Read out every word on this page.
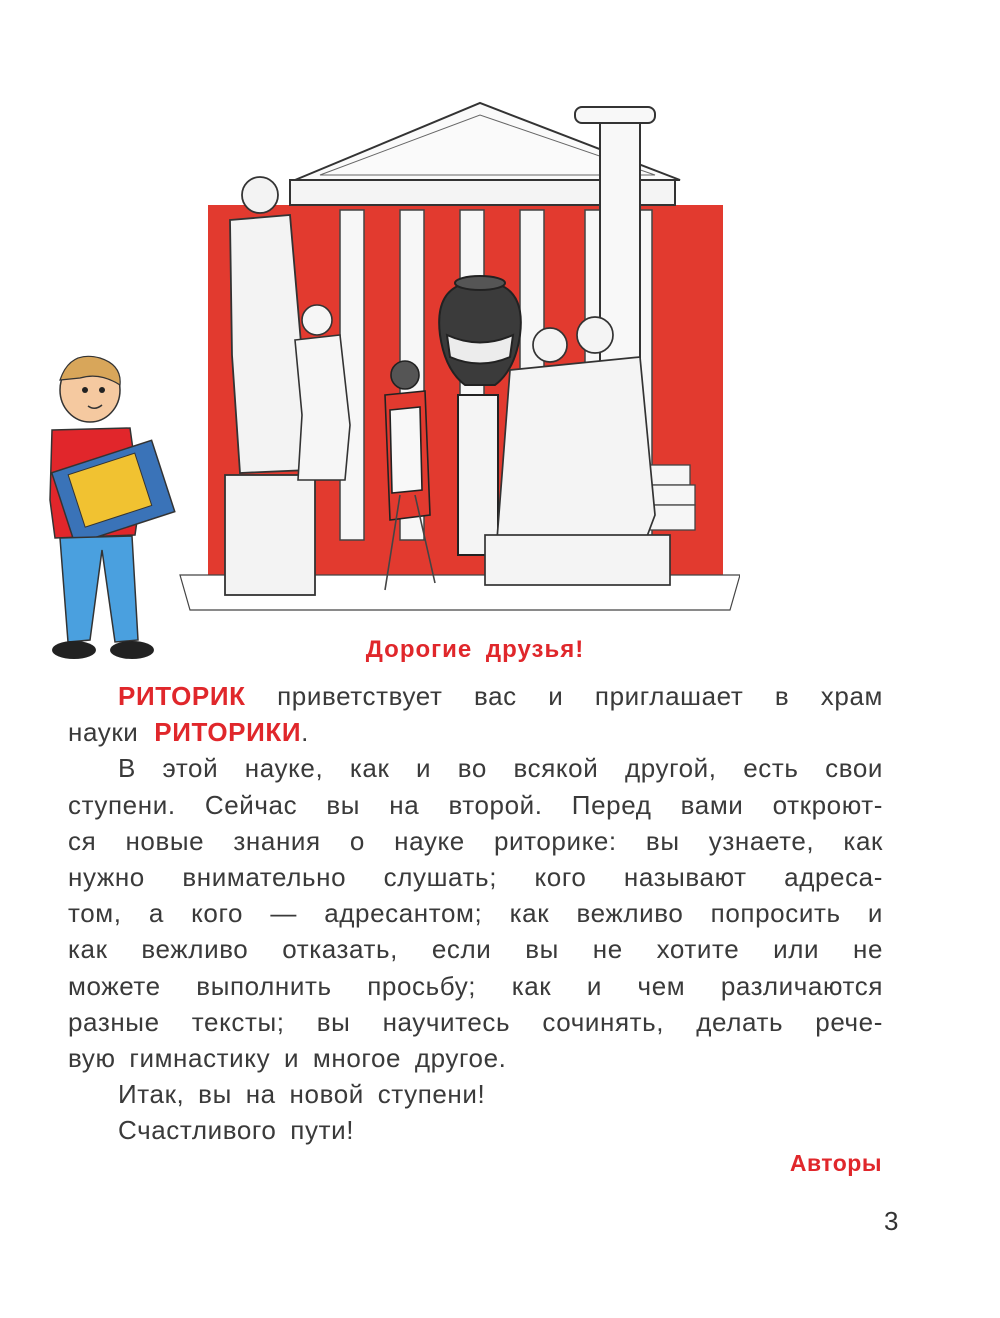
Дорогие друзья!
РИТОРИК приветствует вас и приглашает в храм
науки РИТОРИКИ.
В этой науке, как и во всякой другой, есть свои
ступени. Сейчас вы на второй. Перед вами откроют-
ся новые знания о науке риторике: вы узнаете, как
нужно внимательно слушать; кого называют адреса-
том, а кого — адресантом; как вежливо попросить и
как вежливо отказать, если вы не хотите или не
можете выполнить просьбу; как и чем различаются
разные тексты; вы научитесь сочинять, делать рече-
вую гимнастику и многое другое.
Итак, вы на новой ступени!
Счастливого пути!
Авторы
3
